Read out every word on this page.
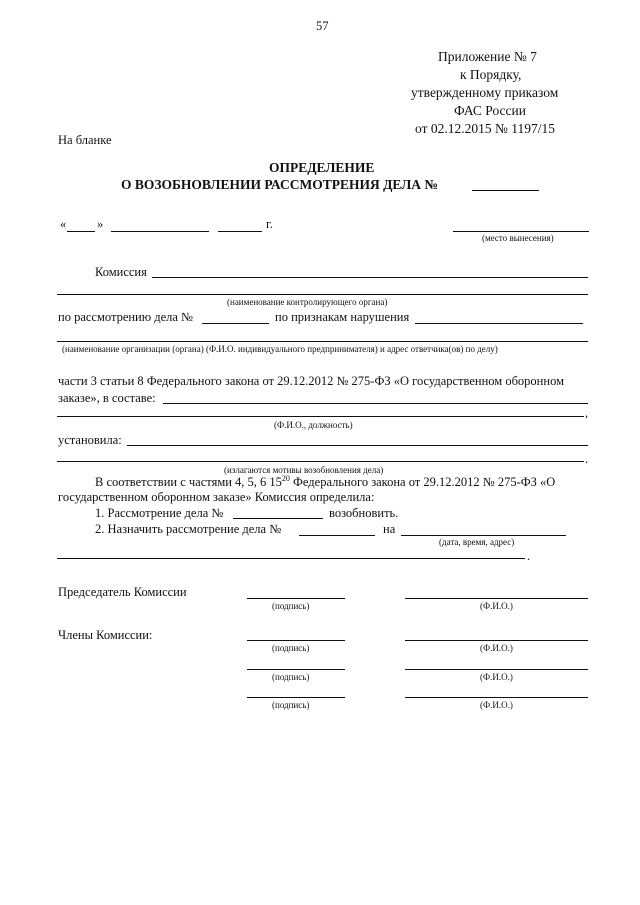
57
Приложение № 7
к Порядку,
утвержденному приказом
ФАС России
от 02.12.2015 № 1197/15
На бланке
ОПРЕДЕЛЕНИЕ
О ВОЗОБНОВЛЕНИИ РАССМОТРЕНИЯ ДЕЛА №
« »	г.
(место вынесения)
Комиссия
(наименование контролирующего органа)
по рассмотрению дела №	по признакам нарушения
(наименование организации (органа) (Ф.И.О. индивидуального предпринимателя) и адрес ответчика(ов) по делу)
части 3 статьи 8 Федерального закона от 29.12.2012 № 275-ФЗ «О государственном оборонном
заказе», в составе:
,
(Ф.И.О., должность)
установила:
.
(излагаются мотивы возобновления дела)
В соответствии с частями 4, 5, 6 $15^{20}$ Федерального закона от 29.12.2012 № 275-ФЗ «О
государственном оборонном заказе» Комиссия определила:
1. Рассмотрение дела №	возобновить.
2. Назначить рассмотрение дела №	на
(дата, время, адрес)
.
Председатель Комиссии
(подпись)	(Ф.И.О.)
Члены Комиссии:
(подпись)	(Ф.И.О.)
(подпись)	(Ф.И.О.)
(подпись)	(Ф.И.О.)
